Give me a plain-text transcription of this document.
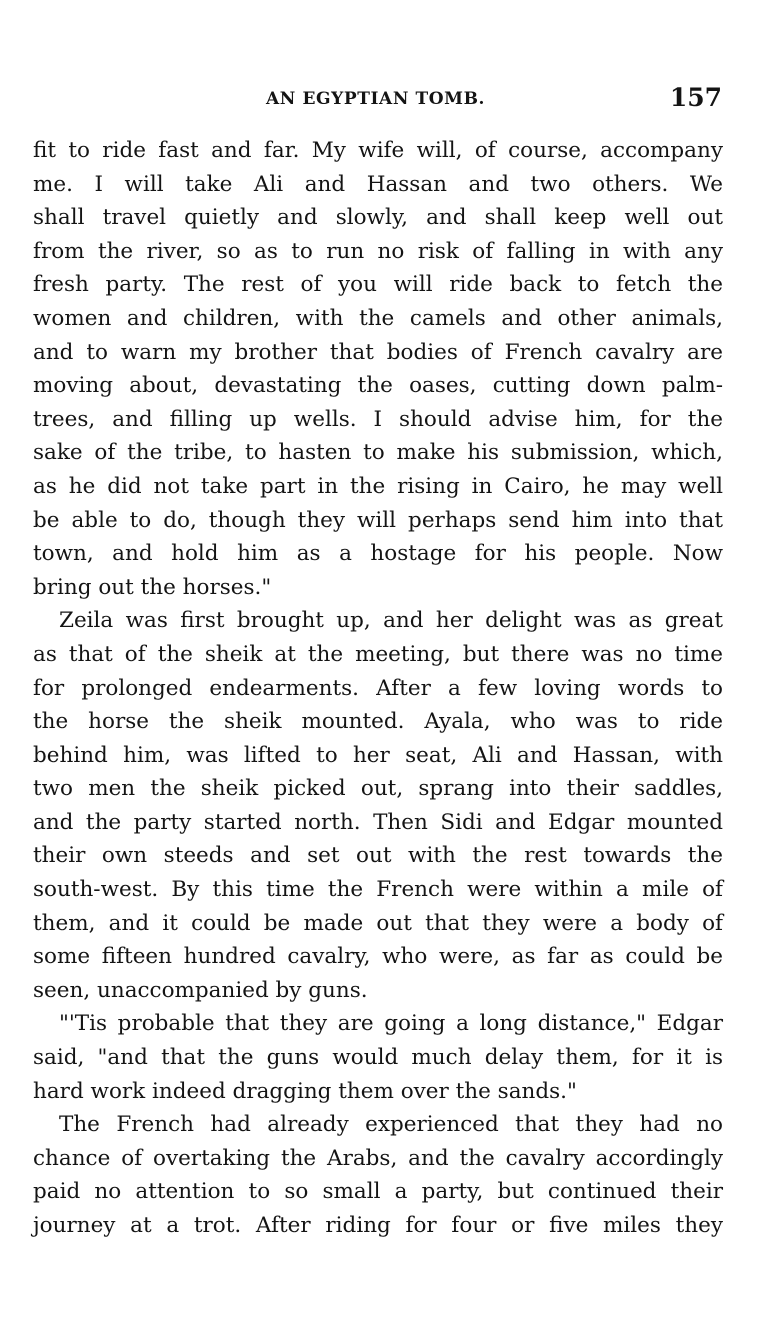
AN EGYPTIAN TOMB.	157
fit to ride fast and far. My wife will, of course, accompany
me. I will take Ali and Hassan and two others. We
shall travel quietly and slowly, and shall keep well out
from the river, so as to run no risk of falling in with any
fresh party. The rest of you will ride back to fetch the
women and children, with the camels and other animals,
and to warn my brother that bodies of French cavalry are
moving about, devastating the oases, cutting down palm-
trees, and filling up wells. I should advise him, for the
sake of the tribe, to hasten to make his submission, which,
as he did not take part in the rising in Cairo, he may well
be able to do, though they will perhaps send him into that
town, and hold him as a hostage for his people. Now
bring out the horses."
Zeila was first brought up, and her delight was as great
as that of the sheik at the meeting, but there was no time
for prolonged endearments. After a few loving words to
the horse the sheik mounted. Ayala, who was to ride
behind him, was lifted to her seat, Ali and Hassan, with
two men the sheik picked out, sprang into their saddles,
and the party started north. Then Sidi and Edgar mounted
their own steeds and set out with the rest towards the
south-west. By this time the French were within a mile of
them, and it could be made out that they were a body of
some fifteen hundred cavalry, who were, as far as could be
seen, unaccompanied by guns.
"'Tis probable that they are going a long distance," Edgar
said, "and that the guns would much delay them, for it is
hard work indeed dragging them over the sands."
The French had already experienced that they had no
chance of overtaking the Arabs, and the cavalry accordingly
paid no attention to so small a party, but continued their
journey at a trot. After riding for four or five miles they
